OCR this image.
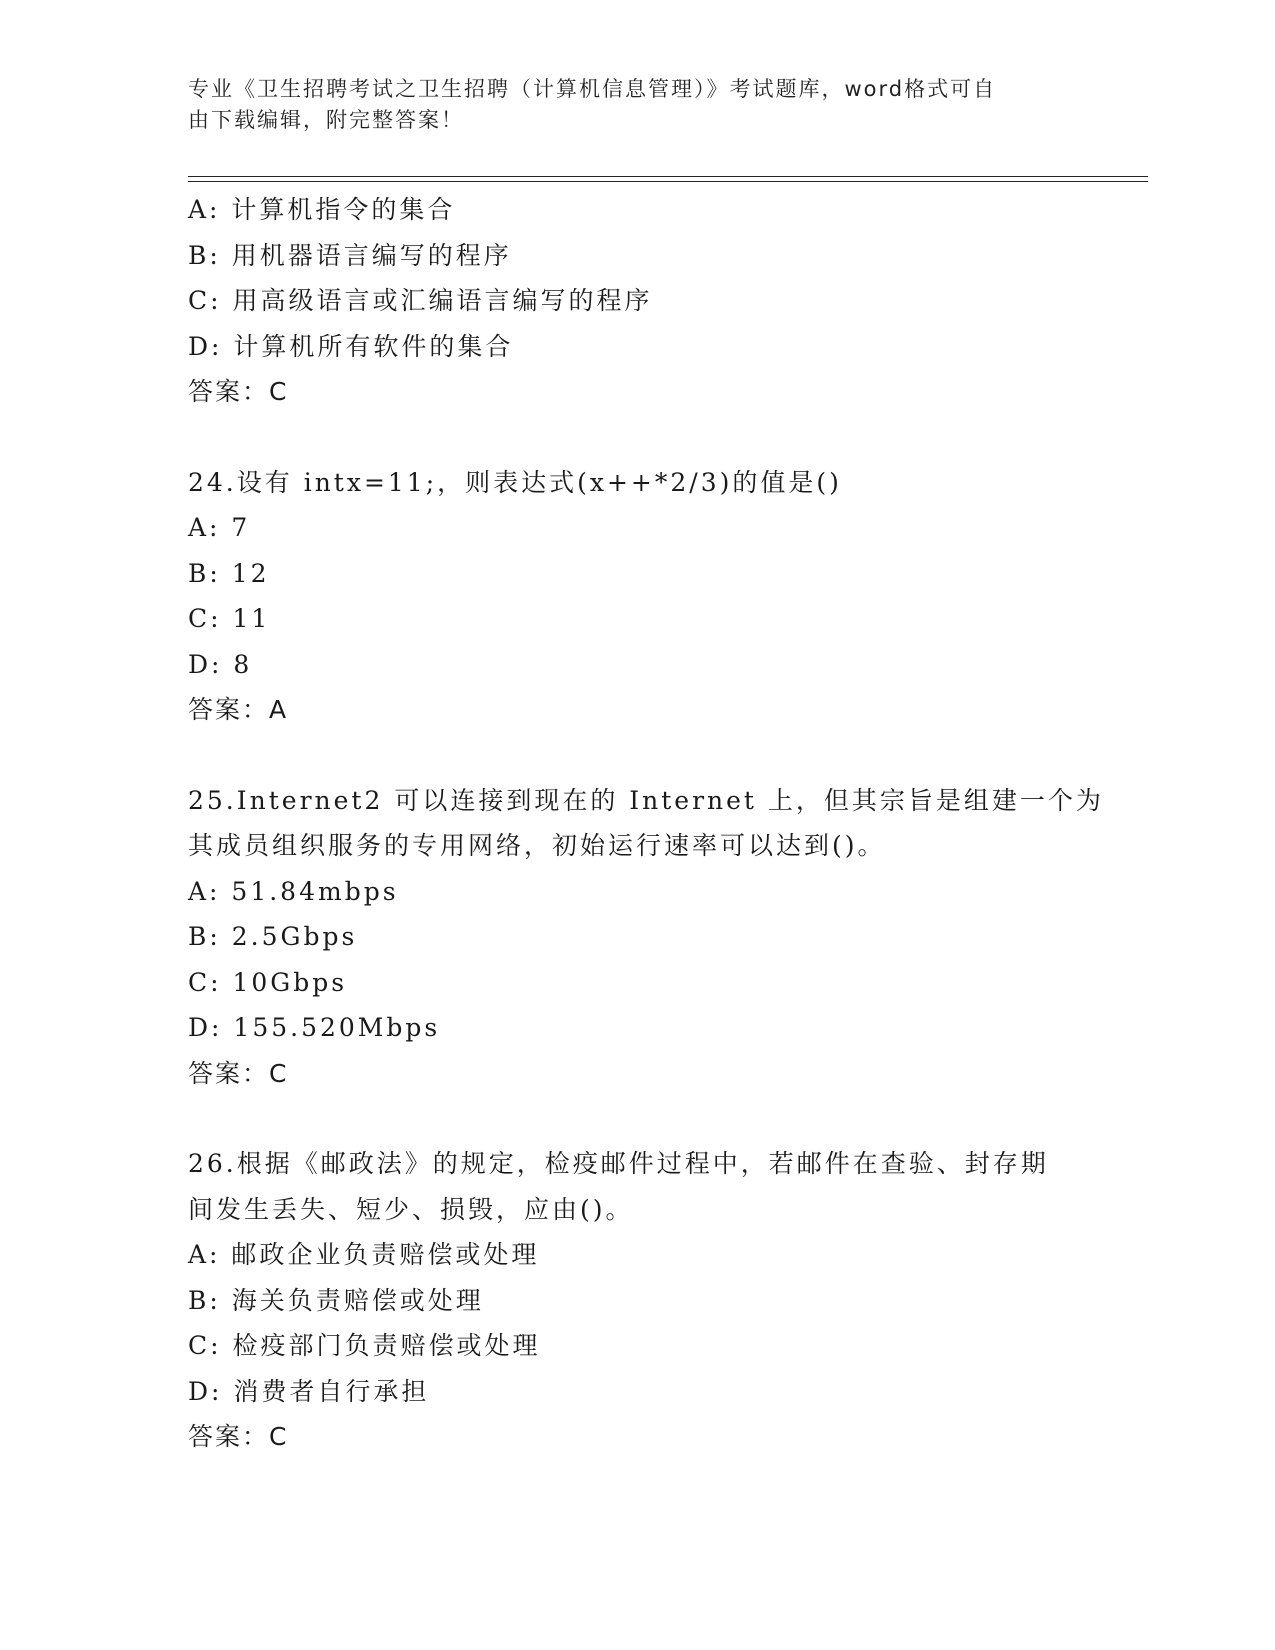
专业《卫生招聘考试之卫生招聘（计算机信息管理）》考试题库，word格式可自
由下载编辑，附完整答案！
A: 计算机指令的集合
B: 用机器语言编写的程序
C: 用高级语言或汇编语言编写的程序
D: 计算机所有软件的集合
答案：C
24.设有 intx=11;，则表达式(x++*2/3)的值是()
A: 7
B: 12
C: 11
D: 8
答案：A
25.Internet2 可以连接到现在的 Internet 上，但其宗旨是组建一个为
其成员组织服务的专用网络，初始运行速率可以达到()。
A: 51.84mbps
B: 2.5Gbps
C: 10Gbps
D: 155.520Mbps
答案：C
26.根据《邮政法》的规定，检疫邮件过程中，若邮件在查验、封存期
间发生丢失、短少、损毁，应由()。
A: 邮政企业负责赔偿或处理
B: 海关负责赔偿或处理
C: 检疫部门负责赔偿或处理
D: 消费者自行承担
答案：C
